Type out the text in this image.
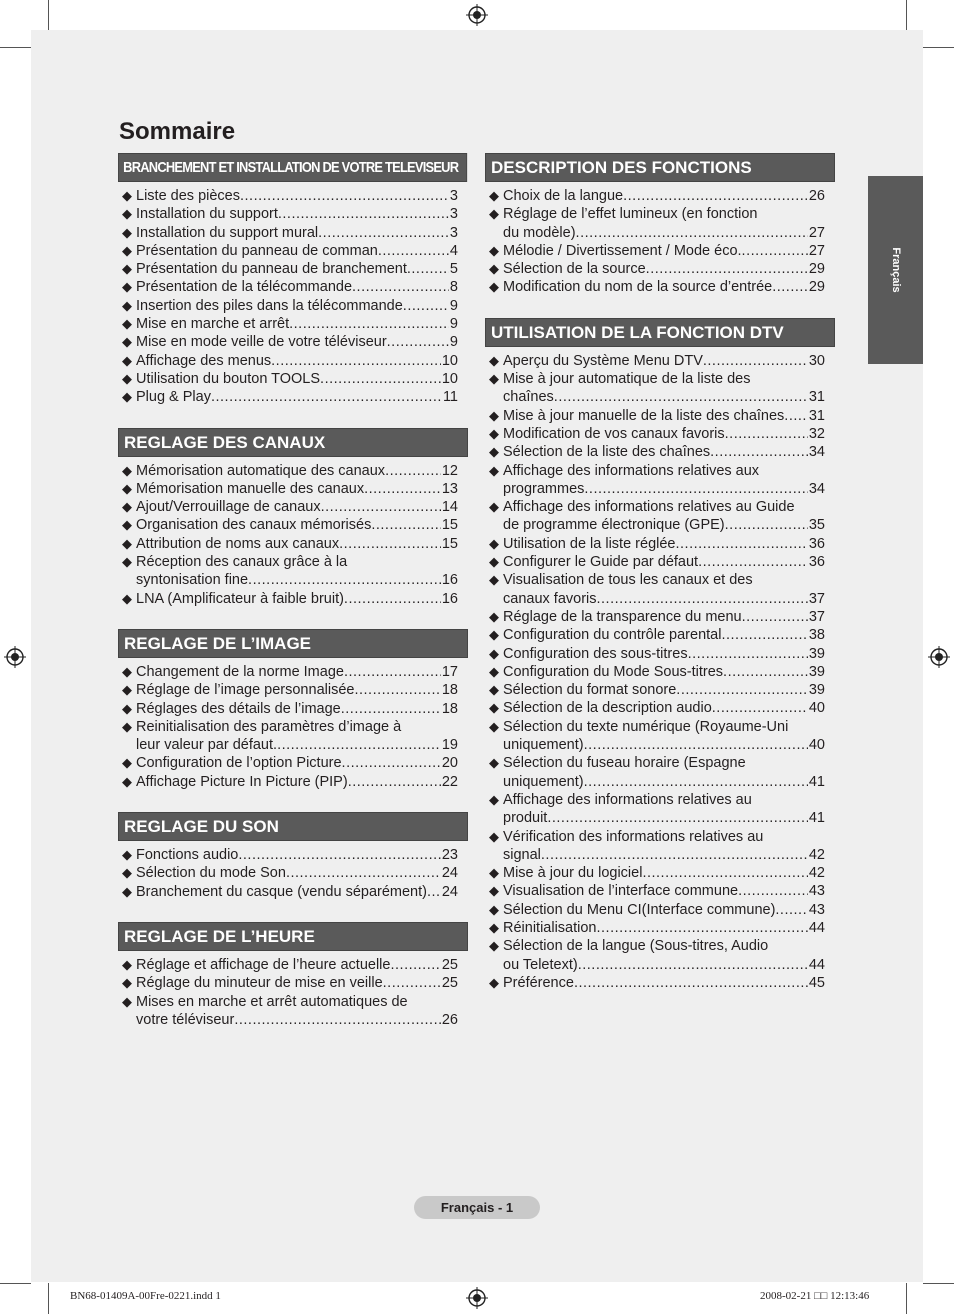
Sommaire
BRANCHEMENT ET INSTALLATION DE VOTRE TELEVISEUR
◆ Liste des pièces .....	3
◆ Installation du support .....	3
◆ Installation du support mural .....	3
◆ Présentation du panneau de comman .....	4
◆ Présentation du panneau de branchement .....	5
◆ Présentation de la télécommande .....	8
◆ Insertion des piles dans la télécommande .....	9
◆ Mise en marche et arrêt .....	9
◆ Mise en mode veille de votre téléviseur .....	9
◆ Affichage des menus .....	10
◆ Utilisation du bouton TOOLS .....	10
◆ Plug & Play .....	11
REGLAGE DES CANAUX
◆ Mémorisation automatique des canaux .....	12
◆ Mémorisation manuelle des canaux .....	13
◆ Ajout/Verrouillage de canaux .....	14
◆ Organisation des canaux mémorisés .....	15
◆ Attribution de noms aux canaux .....	15
◆ Réception des canaux grâce à la
syntonisation fine .....	16
◆ LNA (Amplificateur à faible bruit) .....	16
REGLAGE DE L’IMAGE
◆ Changement de la norme Image .....	17
◆ Réglage de l’image personnalisée .....	18
◆ Réglages des détails de l’image .....	18
◆ Reinitialisation des paramètres d’image à
leur valeur par défaut. .....	19
◆ Configuration de l’option Picture .....	20
◆ Affichage Picture In Picture (PIP) .....	22
REGLAGE DU SON
◆ Fonctions audio .....	23
◆ Sélection du mode Son .....	24
◆ Branchement du casque (vendu séparément) ..... 24
REGLAGE DE L’HEURE
◆ Réglage et affichage de l’heure actuelle .....	25
◆ Réglage du minuteur de mise en veille .....	25
◆ Mises en marche et arrêt automatiques de
votre téléviseur .....	26
DESCRIPTION DES FONCTIONS
◆ Choix de la langue .....	26
◆ Réglage de l’effet lumineux (en fonction
du modèle) .....	27
◆ Mélodie / Divertissement / Mode éco. .....	27
◆ Sélection de la source .....	29
◆ Modification du nom de la source d’entrée .....	29
UTILISATION DE LA FONCTION DTV
◆ Aperçu du Système Menu DTV .....	30
◆ Mise à jour automatique de la liste des
chaînes .....	31
◆ Mise à jour manuelle de la liste des chaînes ..... 31
◆ Modification de vos canaux favoris .....	32
◆ Sélection de la liste des chaînes .....	34
◆ Affichage des informations relatives aux
programmes .....	34
◆ Affichage des informations relatives au Guide
de programme électronique (GPE) .....	35
◆ Utilisation de la liste réglée .....	36
◆ Configurer le Guide par défaut .....	36
◆ Visualisation de tous les canaux et des
canaux favoris .....	37
◆ Réglage de la transparence du menu .....	37
◆ Configuration du contrôle parental .....	38
◆ Configuration des sous-titres .....	39
◆ Configuration du Mode Sous-titres .....	39
◆ Sélection du format sonore .....	39
◆ Sélection de la description audio .....	40
◆ Sélection du texte numérique (Royaume-Uni
uniquement) .....	40
◆ Sélection du fuseau horaire (Espagne
uniquement) .....	41
◆ Affichage des informations relatives au
produit .....	41
◆ Vérification des informations relatives au
signal .....	42
◆ Mise à jour du logiciel .....	42
◆ Visualisation de l’interface commune .....	43
◆ Sélection du Menu CI(Interface commune) ..... 43
◆ Réinitialisation .....	44
◆ Sélection de la langue (Sous-titres, Audio
ou Teletext) .....	44
◆ Préférence .....	45
Français
Français - 1
BN68-01409A-00Fre-0221.indd 1	2008-02-21 □□ 12:13:46
